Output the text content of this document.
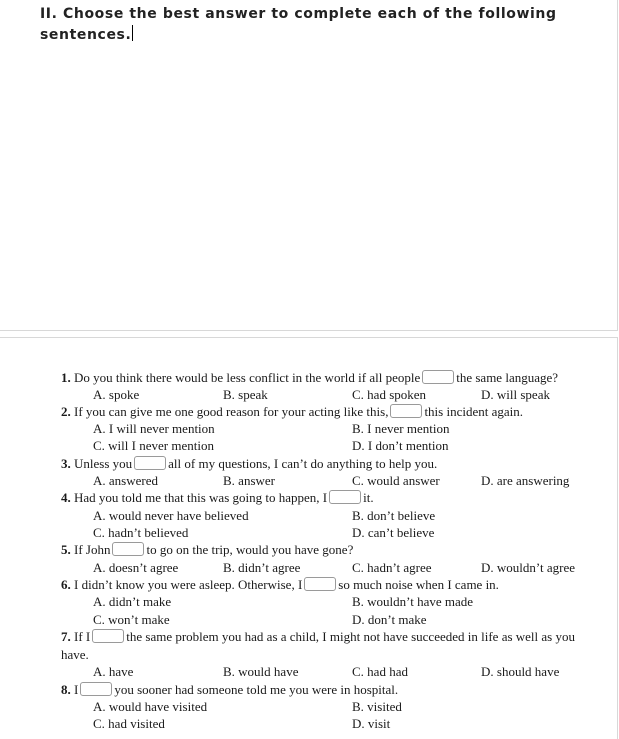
II. Choose the best answer to complete each of the following
sentences.
1. Do you think there would be less conflict in the world if all people	the same language?
A. spoke	B. speak	C. had spoken	D. will speak
2. If you can give me one good reason for your acting like this,	this incident again.
A. I will never mention	B. I never mention
C. will I never mention	D. I don’t mention
3. Unless you	all of my questions, I can’t do anything to help you.
A. answered	B. answer	C. would answer	D. are answering
4. Had you told me that this was going to happen, I	it.
A. would never have believed	B. don’t believe
C. hadn’t believed	D. can’t believe
5. If John	to go on the trip, would you have gone?
A. doesn’t agree	B. didn’t agree	C. hadn’t agree	D. wouldn’t agree
6. I didn’t know you were asleep. Otherwise, I	so much noise when I came in.
A. didn’t make	B. wouldn’t have made
C. won’t make	D. don’t make
7. If I	the same problem you had as a child, I might not have succeeded in life as well as you
have.
A. have	B. would have	C. had had	D. should have
8. I	you sooner had someone told me you were in hospital.
A. would have visited	B. visited
C. had visited	D. visit
